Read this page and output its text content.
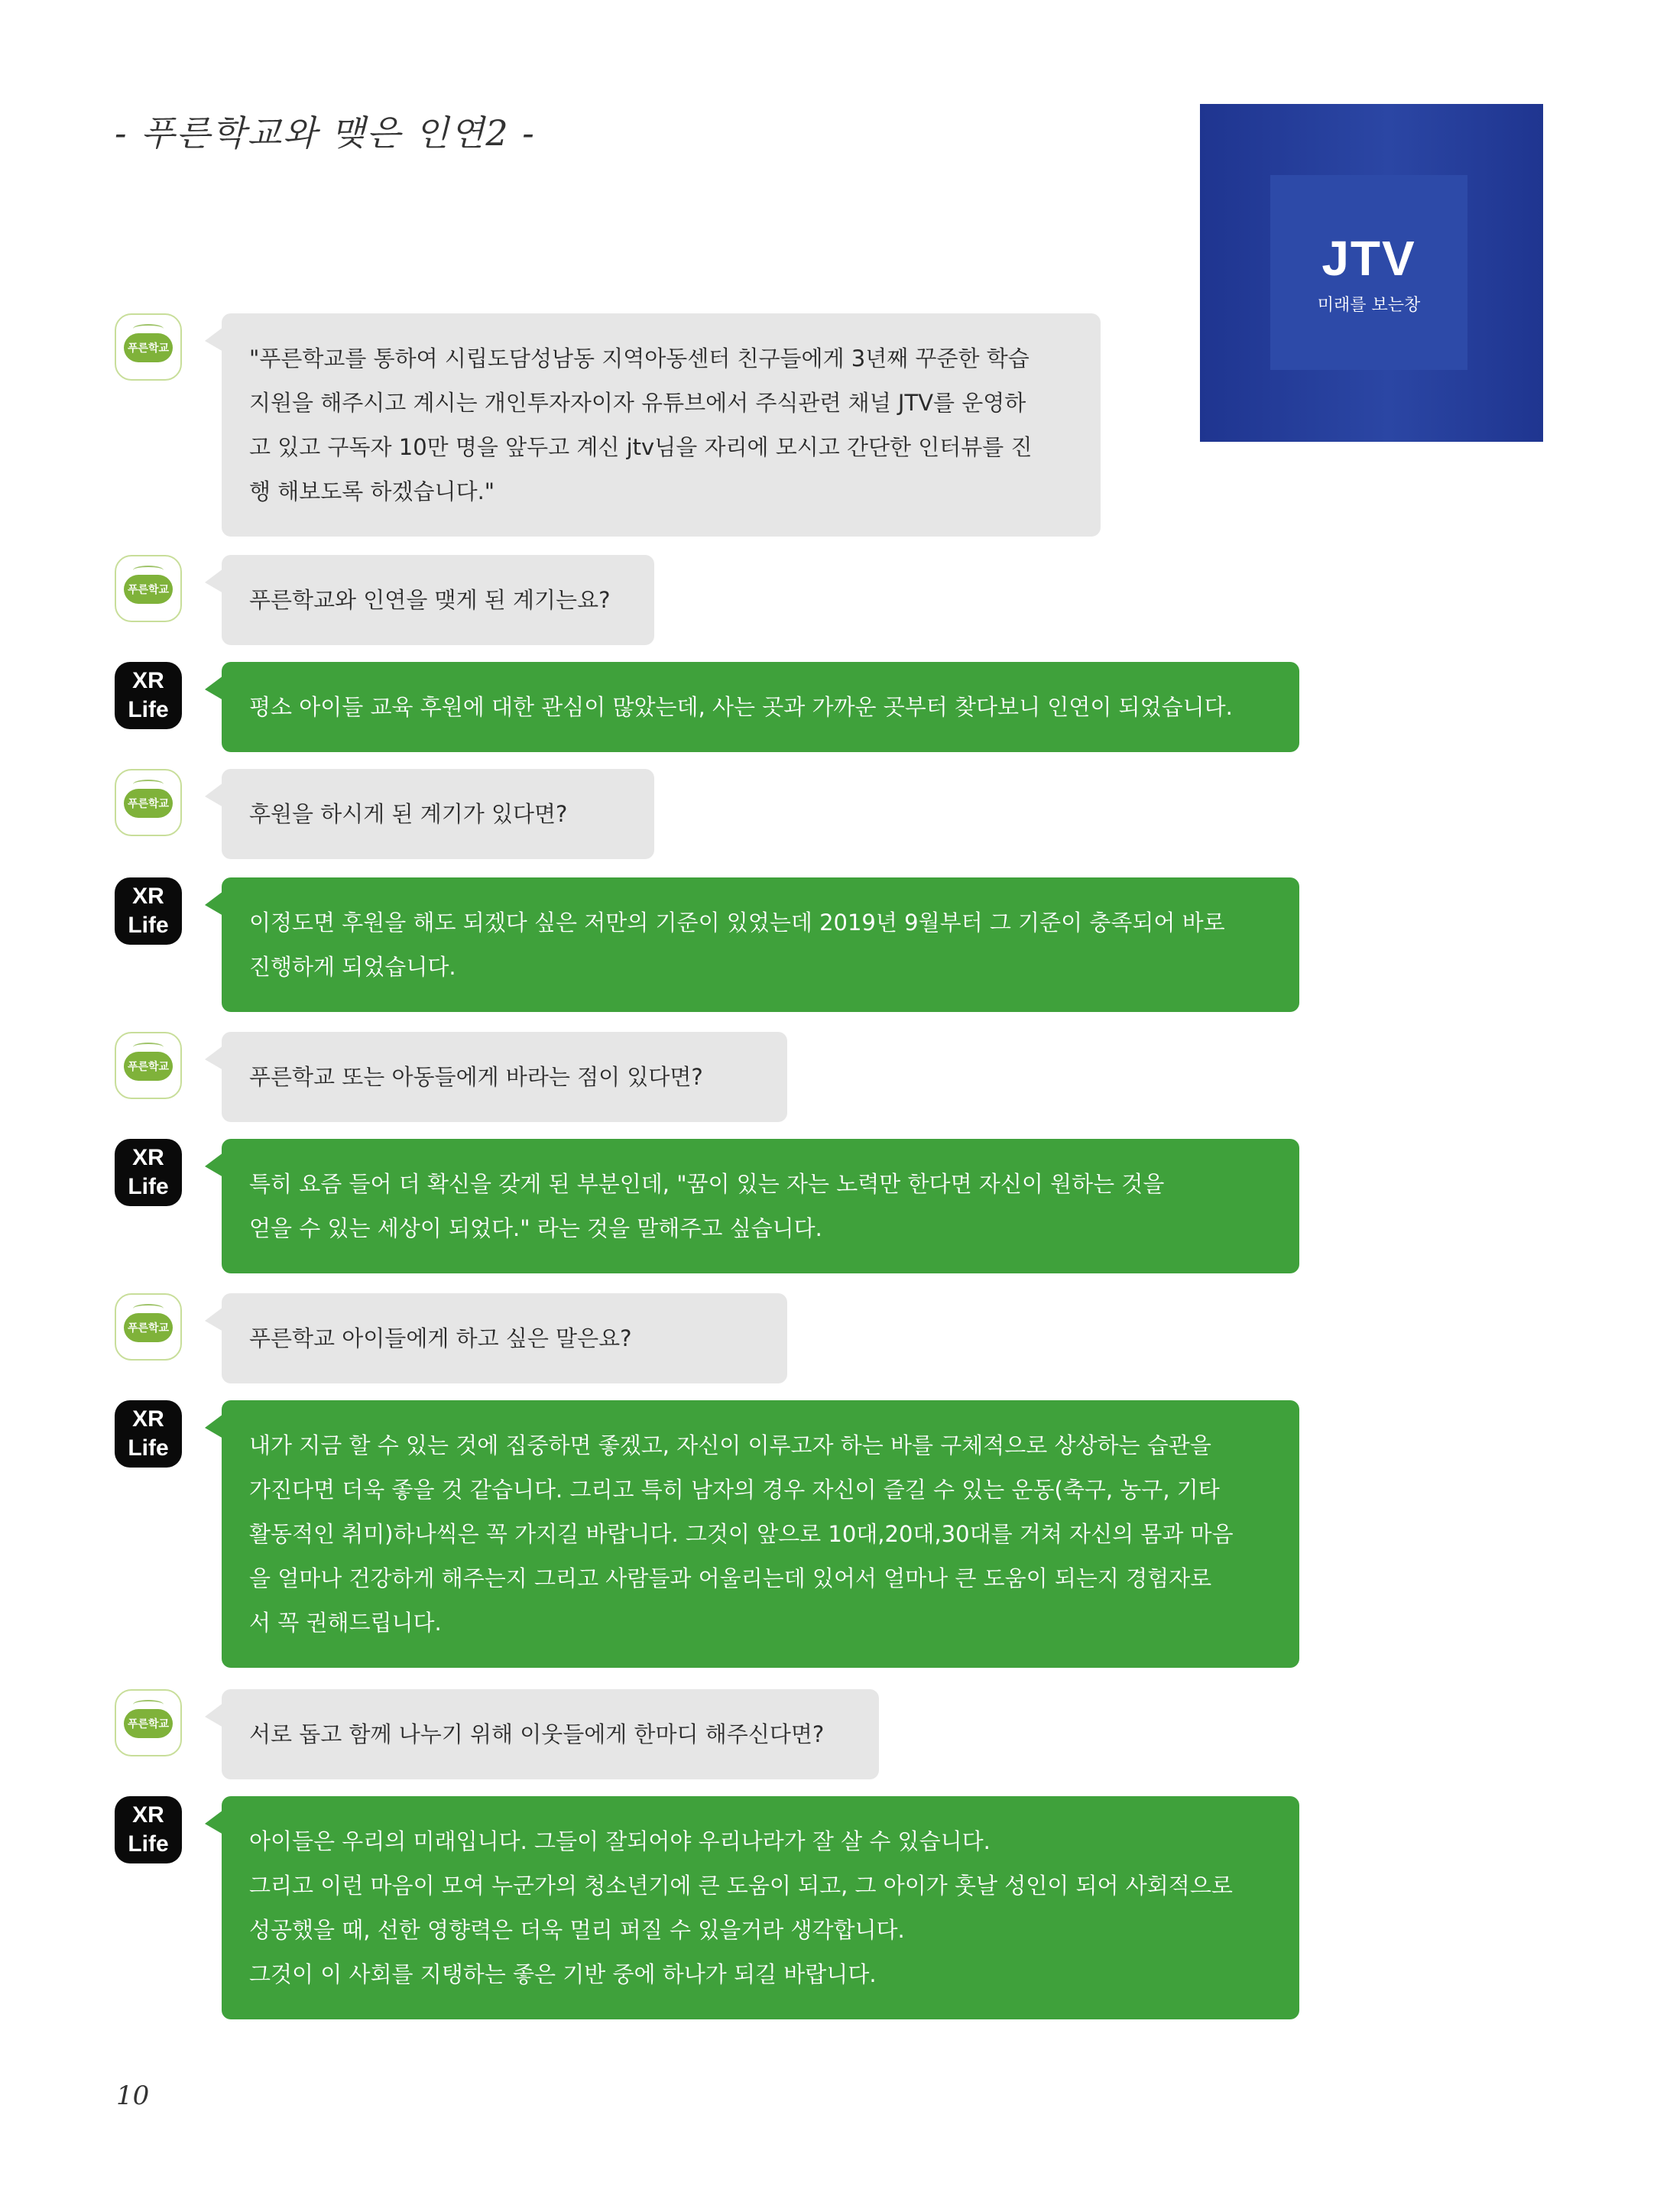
- 푸른학교와 맺은 인연2 -
JTV
미래를 보는창
푸른학교	"푸른학교를 통하여 시립도담성남동 지역아동센터 친구들에게 3년째 꾸준한 학습

지원을 해주시고 계시는 개인투자자이자 유튜브에서 주식관련 채널 JTV를 운영하

고 있고 구독자 10만 명을 앞두고 계신 jtv님을 자리에 모시고 간단한 인터뷰를 진

행 해보도록 하겠습니다."

푸른학교	푸른학교와 인연을 맺게 된 계기는요?

XR
Life	평소 아이들 교육 후원에 대한 관심이 많았는데, 사는 곳과 가까운 곳부터 찾다보니 인연이 되었습니다.

푸른학교	후원을 하시게 된 계기가 있다면?

XR
Life	이정도면 후원을 해도 되겠다 싶은 저만의 기준이 있었는데 2019년 9월부터 그 기준이 충족되어 바로

진행하게 되었습니다.

푸른학교	푸른학교 또는 아동들에게 바라는 점이 있다면?

XR
Life	특히 요즘 들어 더 확신을 갖게 된 부분인데, "꿈이 있는 자는 노력만 한다면 자신이 원하는 것을

얻을 수 있는 세상이 되었다." 라는 것을 말해주고 싶습니다.

푸른학교	푸른학교 아이들에게 하고 싶은 말은요?

XR
Life	내가 지금 할 수 있는 것에 집중하면 좋겠고, 자신이 이루고자 하는 바를 구체적으로 상상하는 습관을

가진다면 더욱 좋을 것 같습니다. 그리고 특히 남자의 경우 자신이 즐길 수 있는 운동(축구, 농구, 기타

활동적인 취미)하나씩은 꼭 가지길 바랍니다. 그것이 앞으로 10대,20대,30대를 거쳐 자신의 몸과 마음

을 얼마나 건강하게 해주는지 그리고 사람들과 어울리는데 있어서 얼마나 큰 도움이 되는지 경험자로

서 꼭 권해드립니다.

푸른학교	서로 돕고 함께 나누기 위해 이웃들에게 한마디 해주신다면?

XR
Life	아이들은 우리의 미래입니다. 그들이 잘되어야 우리나라가 잘 살 수 있습니다.

그리고 이런 마음이 모여 누군가의 청소년기에 큰 도움이 되고, 그 아이가 훗날 성인이 되어 사회적으로

성공했을 때, 선한 영향력은 더욱 멀리 퍼질 수 있을거라 생각합니다.

그것이 이 사회를 지탱하는 좋은 기반 중에 하나가 되길 바랍니다.

10
